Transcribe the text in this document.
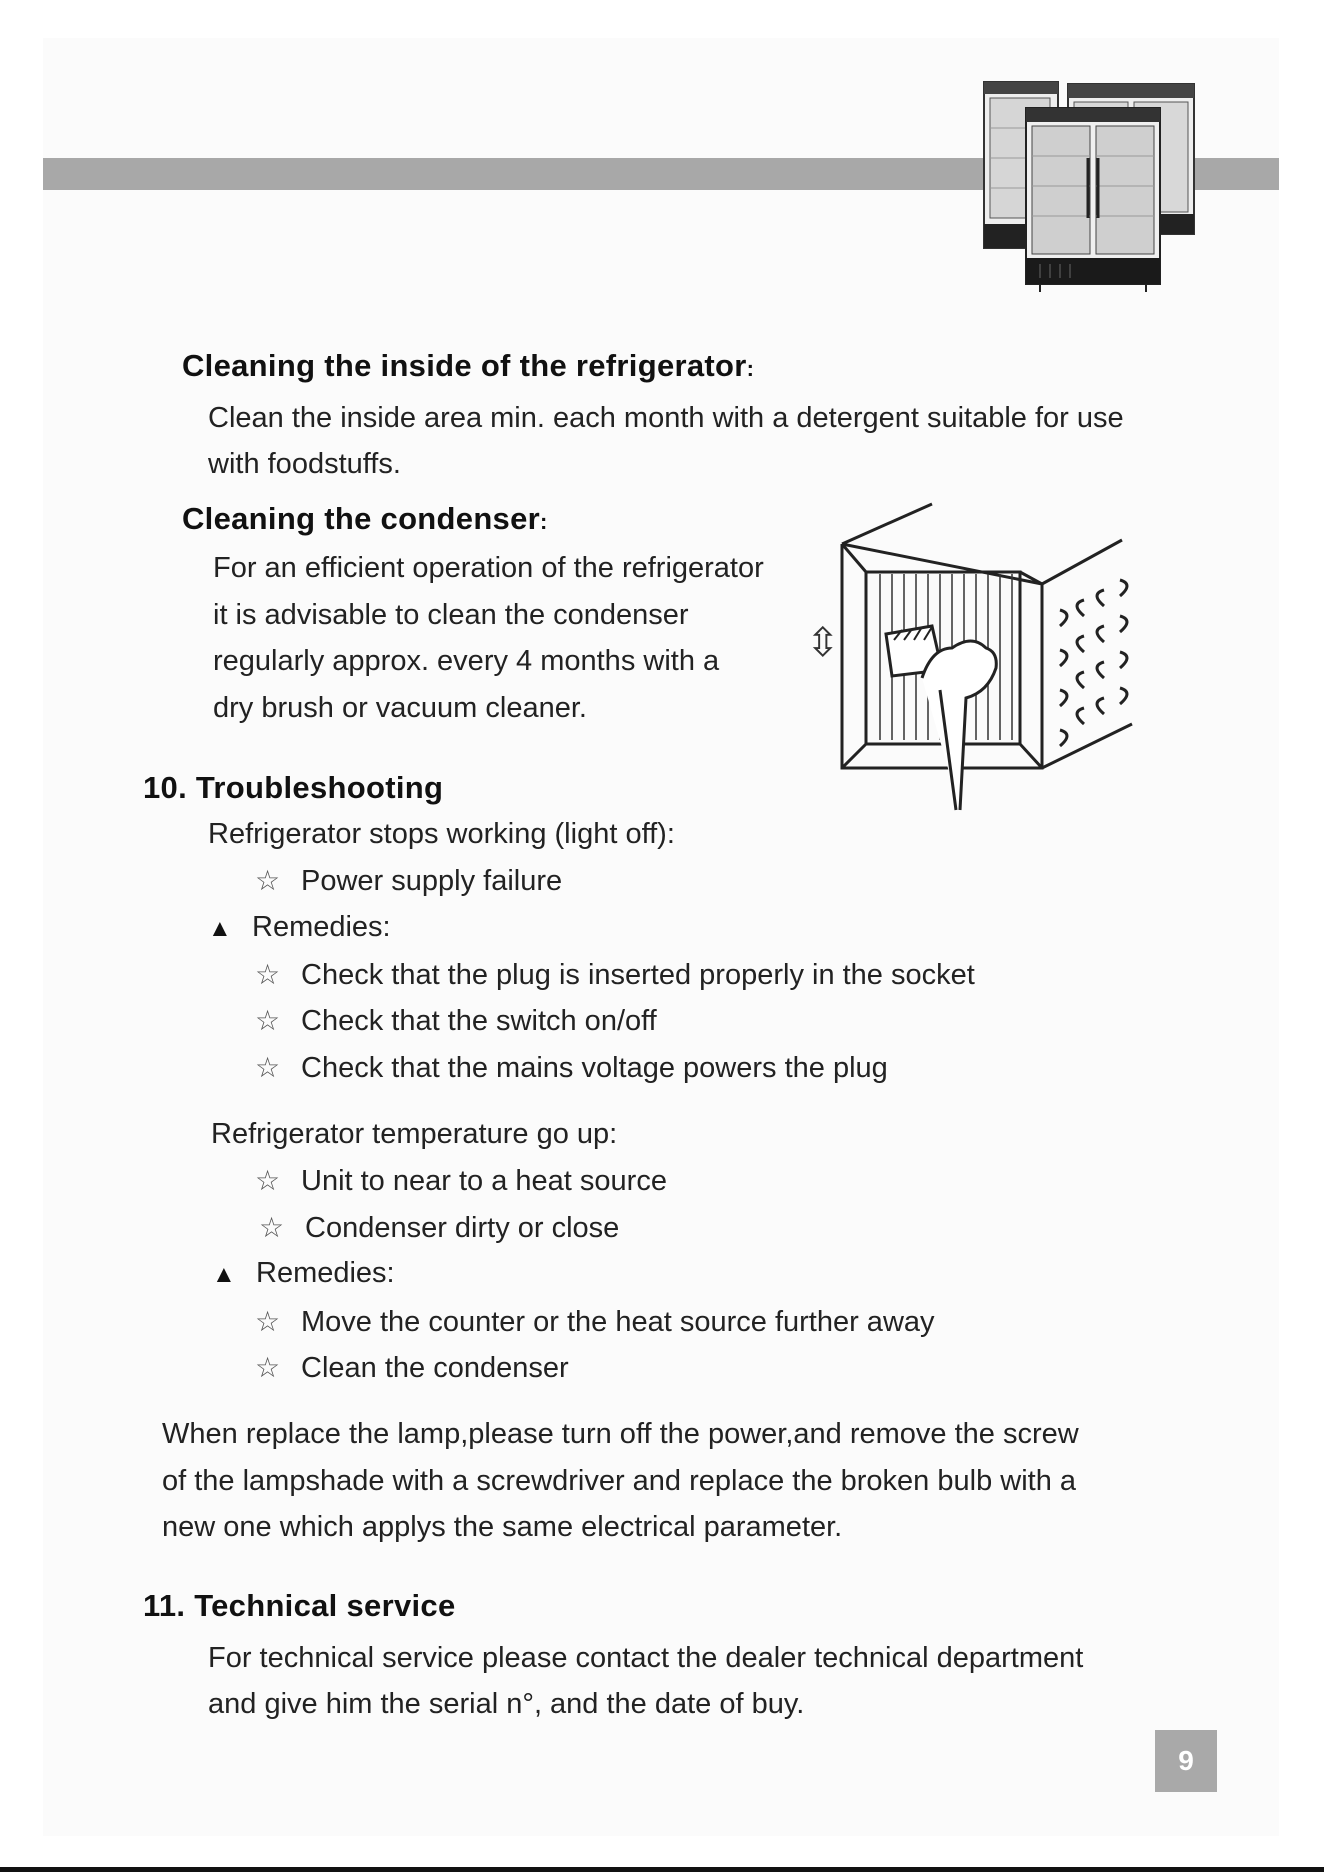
Cleaning the inside of the refrigerator:

Clean the inside area min. each month with a detergent suitable for use with foodstuffs.

Cleaning the condenser:
For an efficient operation of the refrigerator
it is advisable to clean the condenser
regularly approx. every 4 months with a
dry brush or vacuum cleaner.
⇳
10. Troubleshooting
Refrigerator stops working (light off):
☆ Power supply failure
▲ Remedies:
☆ Check that the plug is inserted properly in the socket
☆ Check that the switch on/off
☆ Check that the mains voltage powers the plug
Refrigerator temperature go up:
☆ Unit to near to a heat source
☆ Condenser dirty or close
▲ Remedies:
☆ Move the counter or the heat source further away
☆ Clean the condenser
When replace the lamp,please turn off the power,and remove the screw
of the lampshade with a screwdriver and replace the broken bulb with a
new one which applys the same electrical parameter.
11. Technical service
For technical service please contact the dealer technical department
and give him the serial n°, and the date of buy.
9
